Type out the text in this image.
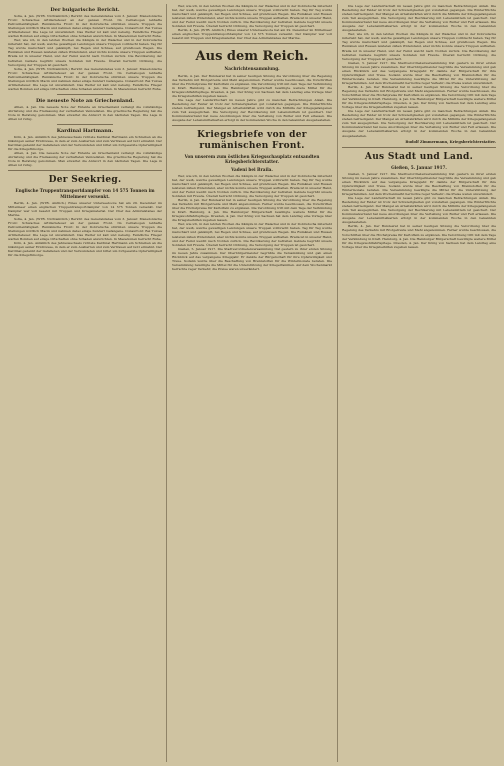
Der bulgarische Bericht.

Sofia, 4. Jan. (WTB. Nichtamtlich.) Bericht des Generalstabes vom 3. Januar: Mazedonische Front: Schwaches Artilleriefeuer an der ganzen Front. Im Cernabogen lebhafte Patrouillentätigkeit. Rumänische Front: In der Dobrudscha stürmten unsere Truppen die Stellungen nördlich Macin und nahmen dabei einige hundert Gefangene. Donaufront: Bei Tulcea Artilleriefeuer. Die Lage ist unverändert. Das Wetter ist kalt und nebelig. Feindliche Flieger warfen Bomben auf einige Ortschaften ohne Schaden anzurichten. In Mazedonien herrscht Ruhe.

Wer, wie ich, in den letzten Wochen die Kämpfe in der Walachei und in der Dobrudscha miterlebt hat, der weiß, welche gewaltigen Leistungen unsere Truppen vollbracht haben. Tag für Tag wurde marschiert und gekämpft, bei Regen und Schnee, auf grundlosen Wegen. Die Rumänen und Russen leisteten zähen Widerstand, aber nichts konnte unsere Truppen aufhalten. Braila ist in unserer Hand, und der Feind weicht nach Norden zurück. Die Bevölkerung der befreiten Gebiete begrüßt unsere Soldaten mit Freude. Überall herrscht Ordnung, die Versorgung der Truppen ist gesichert.

Sofia, 4. Jan. (WTB. Nichtamtlich.) Bericht des Generalstabes vom 3. Januar: Mazedonische Front: Schwaches Artilleriefeuer an der ganzen Front. Im Cernabogen lebhafte Patrouillentätigkeit. Rumänische Front: In der Dobrudscha stürmten unsere Truppen die Stellungen nördlich Macin und nahmen dabei einige hundert Gefangene. Donaufront: Bei Tulcea Artilleriefeuer. Die Lage ist unverändert. Das Wetter ist kalt und nebelig. Feindliche Flieger warfen Bomben auf einige Ortschaften ohne Schaden anzurichten. In Mazedonien herrscht Ruhe.

Die neueste Note an Griechenland.

Athen, 4. Jan. Die neueste Note der Entente an Griechenland verlangt die vollständige Abrüstung und die Freilassung der verhafteten Venizelisten. Die griechische Regierung hat die Note in Beratung genommen. Man erwartet die Antwort in den nächsten Tagen. Die Lage in Athen ist ruhig.

Kardinal Hartmann.

Köln, 4. Jan. Anläßlich des Jahreswechsels richtete Kardinal Hartmann ein Schreiben an die Gläubigen seiner Erzdiözese, in dem er zum Ausharren und zum Vertrauen auf Gott ermahnt. Der Kardinal gedenkt der Gefallenen und der Verwundeten und bittet um fortgesetzte Opferwilligkeit für die Kriegsfürsorge.

Athen, 4. Jan. Die neueste Note der Entente an Griechenland verlangt die vollständige Abrüstung und die Freilassung der verhafteten Venizelisten. Die griechische Regierung hat die Note in Beratung genommen. Man erwartet die Antwort in den nächsten Tagen. Die Lage in Athen ist ruhig.

Der Seekrieg.
Englische Truppentransportdampfer von 14 575 Tonnen im Mittelmeer versenkt.

Berlin, 4. Jan. (WTB. Amtlich.) Eines unserer Unterseeboote hat am 29. Dezember im Mittelmeer einen englischen Truppentransportdampfer von 14 575 Tonnen versenkt. Der Dampfer war voll besetzt mit Truppen und Kriegsmaterial. Der Chef des Admiralstabes der Marine.

Sofia, 4. Jan. (WTB. Nichtamtlich.) Bericht des Generalstabes vom 3. Januar: Mazedonische Front: Schwaches Artilleriefeuer an der ganzen Front. Im Cernabogen lebhafte Patrouillentätigkeit. Rumänische Front: In der Dobrudscha stürmten unsere Truppen die Stellungen nördlich Macin und nahmen dabei einige hundert Gefangene. Donaufront: Bei Tulcea Artilleriefeuer. Die Lage ist unverändert. Das Wetter ist kalt und nebelig. Feindliche Flieger warfen Bomben auf einige Ortschaften ohne Schaden anzurichten. In Mazedonien herrscht Ruhe.

Köln, 4. Jan. Anläßlich des Jahreswechsels richtete Kardinal Hartmann ein Schreiben an die Gläubigen seiner Erzdiözese, in dem er zum Ausharren und zum Vertrauen auf Gott ermahnt. Der Kardinal gedenkt der Gefallenen und der Verwundeten und bittet um fortgesetzte Opferwilligkeit für die Kriegsfürsorge.

Wer, wie ich, in den letzten Wochen die Kämpfe in der Walachei und in der Dobrudscha miterlebt hat, der weiß, welche gewaltigen Leistungen unsere Truppen vollbracht haben. Tag für Tag wurde marschiert und gekämpft, bei Regen und Schnee, auf grundlosen Wegen. Die Rumänen und Russen leisteten zähen Widerstand, aber nichts konnte unsere Truppen aufhalten. Braila ist in unserer Hand, und der Feind weicht nach Norden zurück. Die Bevölkerung der befreiten Gebiete begrüßt unsere Soldaten mit Freude. Überall herrscht Ordnung, die Versorgung der Truppen ist gesichert.

Berlin, 4. Jan. (WTB. Amtlich.) Eines unserer Unterseeboote hat am 29. Dezember im Mittelmeer einen englischen Truppentransportdampfer von 14 575 Tonnen versenkt. Der Dampfer war voll besetzt mit Truppen und Kriegsmaterial. Der Chef des Admiralstabes der Marine.

Aus dem Reich.
Nachrichtensammlung.

Berlin, 4. Jan. Der Bundesrat hat in seiner heutigen Sitzung die Verordnung über die Regelung des Verkehrs mit Brotgetreide und Mehl angenommen. Ferner wurde beschlossen, die Vorschriften über die Höchstpreise für Kartoffeln zu ergänzen. Die Verordnung tritt mit dem Tage der Verkündung in Kraft. Hamburg, 4. Jan. Die Hamburger Bürgerschaft bewilligte weitere Mittel für die Kriegswohlfahrtspflege. Dresden, 4. Jan. Der König von Sachsen hat dem Landtag eine Vorlage über die Kriegsbeihilfen zugehen lassen.

Die Lage der Landwirtschaft im neuen Jahre gibt zu manchen Betrachtungen Anlaß. Die Bestellung der Felder ist trotz der Schwierigkeiten gut vonstatten gegangen. Die Winterfrüchte stehen befriedigend. Der Mangel an Arbeitskräften wird durch die Mithilfe der Kriegsgefangenen zum Teil ausgeglichen. Die Versorgung der Bevölkerung mit Lebensmitteln ist gesichert. Der Kommunalverband hat neue Anordnungen über die Verteilung von Butter und Fett erlassen. Die Ausgabe der Lebensmittelkarten erfolgt in der kommenden Woche in den bekannten Ausgabestellen.

Kriegsbriefe von der rumänischen Front.
Von unserem zum östlichen Kriegsschauplatz entsandten Kriegsberichterstatter.
Vadeni bei Braila.

Wer, wie ich, in den letzten Wochen die Kämpfe in der Walachei und in der Dobrudscha miterlebt hat, der weiß, welche gewaltigen Leistungen unsere Truppen vollbracht haben. Tag für Tag wurde marschiert und gekämpft, bei Regen und Schnee, auf grundlosen Wegen. Die Rumänen und Russen leisteten zähen Widerstand, aber nichts konnte unsere Truppen aufhalten. Braila ist in unserer Hand, und der Feind weicht nach Norden zurück. Die Bevölkerung der befreiten Gebiete begrüßt unsere Soldaten mit Freude. Überall herrscht Ordnung, die Versorgung der Truppen ist gesichert.

Berlin, 4. Jan. Der Bundesrat hat in seiner heutigen Sitzung die Verordnung über die Regelung des Verkehrs mit Brotgetreide und Mehl angenommen. Ferner wurde beschlossen, die Vorschriften über die Höchstpreise für Kartoffeln zu ergänzen. Die Verordnung tritt mit dem Tage der Verkündung in Kraft. Hamburg, 4. Jan. Die Hamburger Bürgerschaft bewilligte weitere Mittel für die Kriegswohlfahrtspflege. Dresden, 4. Jan. Der König von Sachsen hat dem Landtag eine Vorlage über die Kriegsbeihilfen zugehen lassen.

Wer, wie ich, in den letzten Wochen die Kämpfe in der Walachei und in der Dobrudscha miterlebt hat, der weiß, welche gewaltigen Leistungen unsere Truppen vollbracht haben. Tag für Tag wurde marschiert und gekämpft, bei Regen und Schnee, auf grundlosen Wegen. Die Rumänen und Russen leisteten zähen Widerstand, aber nichts konnte unsere Truppen aufhalten. Braila ist in unserer Hand, und der Feind weicht nach Norden zurück. Die Bevölkerung der befreiten Gebiete begrüßt unsere Soldaten mit Freude. Überall herrscht Ordnung, die Versorgung der Truppen ist gesichert.

Gießen, 5. Januar 1917. Die Stadtverordnetenversammlung trat gestern zu ihrer ersten Sitzung im neuen Jahre zusammen. Der Oberbürgermeister begrüßte die Versammlung und gab einen Rückblick auf das vergangene Kriegsjahr. Er dankte der Bürgerschaft für ihre Opferwilligkeit und Treue. Sodann wurde über die Beschaffung von Brennstoffen für die Wintermonate beraten. Die Versammlung bewilligte die Mittel für die Unterstützung der Kriegerfamilien. Auf dem Wochenmarkt herrschte reger Verkehr; die Preise waren unverändert.

Die Lage der Landwirtschaft im neuen Jahre gibt zu manchen Betrachtungen Anlaß. Die Bestellung der Felder ist trotz der Schwierigkeiten gut vonstatten gegangen. Die Winterfrüchte stehen befriedigend. Der Mangel an Arbeitskräften wird durch die Mithilfe der Kriegsgefangenen zum Teil ausgeglichen. Die Versorgung der Bevölkerung mit Lebensmitteln ist gesichert. Der Kommunalverband hat neue Anordnungen über die Verteilung von Butter und Fett erlassen. Die Ausgabe der Lebensmittelkarten erfolgt in der kommenden Woche in den bekannten Ausgabestellen.

Wer, wie ich, in den letzten Wochen die Kämpfe in der Walachei und in der Dobrudscha miterlebt hat, der weiß, welche gewaltigen Leistungen unsere Truppen vollbracht haben. Tag für Tag wurde marschiert und gekämpft, bei Regen und Schnee, auf grundlosen Wegen. Die Rumänen und Russen leisteten zähen Widerstand, aber nichts konnte unsere Truppen aufhalten. Braila ist in unserer Hand, und der Feind weicht nach Norden zurück. Die Bevölkerung der befreiten Gebiete begrüßt unsere Soldaten mit Freude. Überall herrscht Ordnung, die Versorgung der Truppen ist gesichert.

Gießen, 5. Januar 1917. Die Stadtverordnetenversammlung trat gestern zu ihrer ersten Sitzung im neuen Jahre zusammen. Der Oberbürgermeister begrüßte die Versammlung und gab einen Rückblick auf das vergangene Kriegsjahr. Er dankte der Bürgerschaft für ihre Opferwilligkeit und Treue. Sodann wurde über die Beschaffung von Brennstoffen für die Wintermonate beraten. Die Versammlung bewilligte die Mittel für die Unterstützung der Kriegerfamilien. Auf dem Wochenmarkt herrschte reger Verkehr; die Preise waren unverändert.

Berlin, 4. Jan. Der Bundesrat hat in seiner heutigen Sitzung die Verordnung über die Regelung des Verkehrs mit Brotgetreide und Mehl angenommen. Ferner wurde beschlossen, die Vorschriften über die Höchstpreise für Kartoffeln zu ergänzen. Die Verordnung tritt mit dem Tage der Verkündung in Kraft. Hamburg, 4. Jan. Die Hamburger Bürgerschaft bewilligte weitere Mittel für die Kriegswohlfahrtspflege. Dresden, 4. Jan. Der König von Sachsen hat dem Landtag eine Vorlage über die Kriegsbeihilfen zugehen lassen.

Die Lage der Landwirtschaft im neuen Jahre gibt zu manchen Betrachtungen Anlaß. Die Bestellung der Felder ist trotz der Schwierigkeiten gut vonstatten gegangen. Die Winterfrüchte stehen befriedigend. Der Mangel an Arbeitskräften wird durch die Mithilfe der Kriegsgefangenen zum Teil ausgeglichen. Die Versorgung der Bevölkerung mit Lebensmitteln ist gesichert. Der Kommunalverband hat neue Anordnungen über die Verteilung von Butter und Fett erlassen. Die Ausgabe der Lebensmittelkarten erfolgt in der kommenden Woche in den bekannten Ausgabestellen.

Rudolf Zimmermann, Kriegsberichterstatter.
Aus Stadt und Land.
Gießen, 5. Januar 1917.

Gießen, 5. Januar 1917. Die Stadtverordnetenversammlung trat gestern zu ihrer ersten Sitzung im neuen Jahre zusammen. Der Oberbürgermeister begrüßte die Versammlung und gab einen Rückblick auf das vergangene Kriegsjahr. Er dankte der Bürgerschaft für ihre Opferwilligkeit und Treue. Sodann wurde über die Beschaffung von Brennstoffen für die Wintermonate beraten. Die Versammlung bewilligte die Mittel für die Unterstützung der Kriegerfamilien. Auf dem Wochenmarkt herrschte reger Verkehr; die Preise waren unverändert.

Die Lage der Landwirtschaft im neuen Jahre gibt zu manchen Betrachtungen Anlaß. Die Bestellung der Felder ist trotz der Schwierigkeiten gut vonstatten gegangen. Die Winterfrüchte stehen befriedigend. Der Mangel an Arbeitskräften wird durch die Mithilfe der Kriegsgefangenen zum Teil ausgeglichen. Die Versorgung der Bevölkerung mit Lebensmitteln ist gesichert. Der Kommunalverband hat neue Anordnungen über die Verteilung von Butter und Fett erlassen. Die Ausgabe der Lebensmittelkarten erfolgt in der kommenden Woche in den bekannten Ausgabestellen.

Berlin, 4. Jan. Der Bundesrat hat in seiner heutigen Sitzung die Verordnung über die Regelung des Verkehrs mit Brotgetreide und Mehl angenommen. Ferner wurde beschlossen, die Vorschriften über die Höchstpreise für Kartoffeln zu ergänzen. Die Verordnung tritt mit dem Tage der Verkündung in Kraft. Hamburg, 4. Jan. Die Hamburger Bürgerschaft bewilligte weitere Mittel für die Kriegswohlfahrtspflege. Dresden, 4. Jan. Der König von Sachsen hat dem Landtag eine Vorlage über die Kriegsbeihilfen zugehen lassen.
